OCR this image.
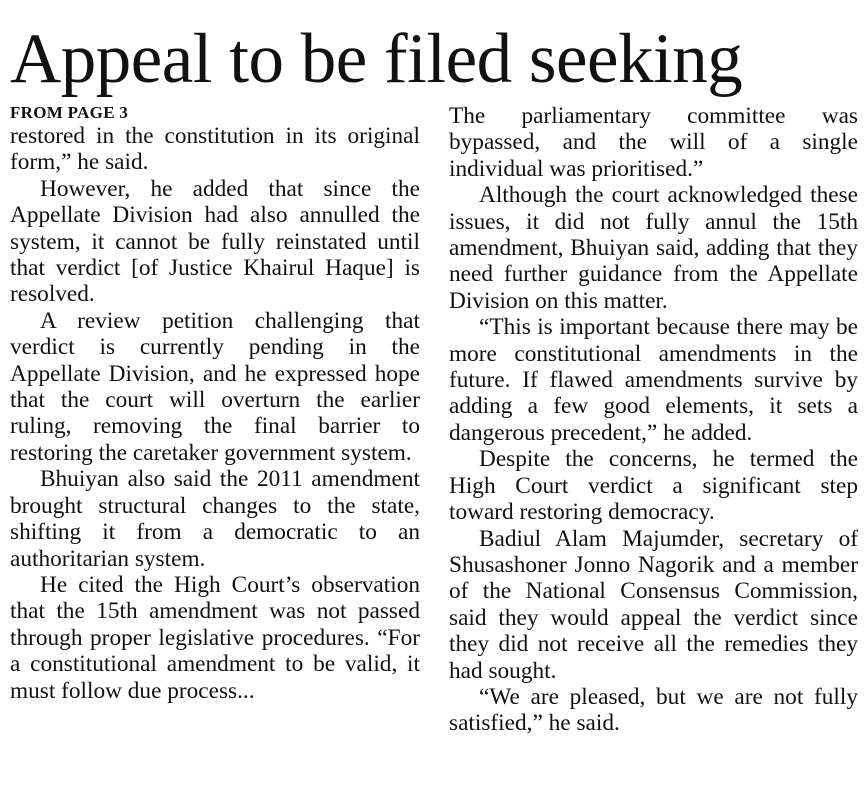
Appeal to be filed seeking
FROM PAGE 3

restored in the constitution in its original form,” he said.

However, he added that since the Appellate Division had also annulled the system, it cannot be fully reinstated until that verdict [of Justice Khairul Haque] is resolved.

A review petition challenging that verdict is currently pending in the Appellate Division, and he expressed hope that the court will overturn the earlier ruling, removing the final barrier to restoring the caretaker government system.

Bhuiyan also said the 2011 amendment brought structural changes to the state, shifting it from a democratic to an authoritarian system.

He cited the High Court’s observation that the 15th amendment was not passed through proper legislative procedures. “For a constitutional amendment to be valid, it must follow due process...

The parliamentary committee was bypassed, and the will of a single individual was prioritised.”

Although the court acknowledged these issues, it did not fully annul the 15th amendment, Bhuiyan said, adding that they need further guidance from the Appellate Division on this matter.

“This is important because there may be more constitutional amendments in the future. If flawed amendments survive by adding a few good elements, it sets a dangerous precedent,” he added.

Despite the concerns, he termed the High Court verdict a significant step toward restoring democracy.

Badiul Alam Majumder, secretary of Shusashoner Jonno Nagorik and a member of the National Consensus Commission, said they would appeal the verdict since they did not receive all the remedies they had sought.

“We are pleased, but we are not fully satisfied,” he said.
